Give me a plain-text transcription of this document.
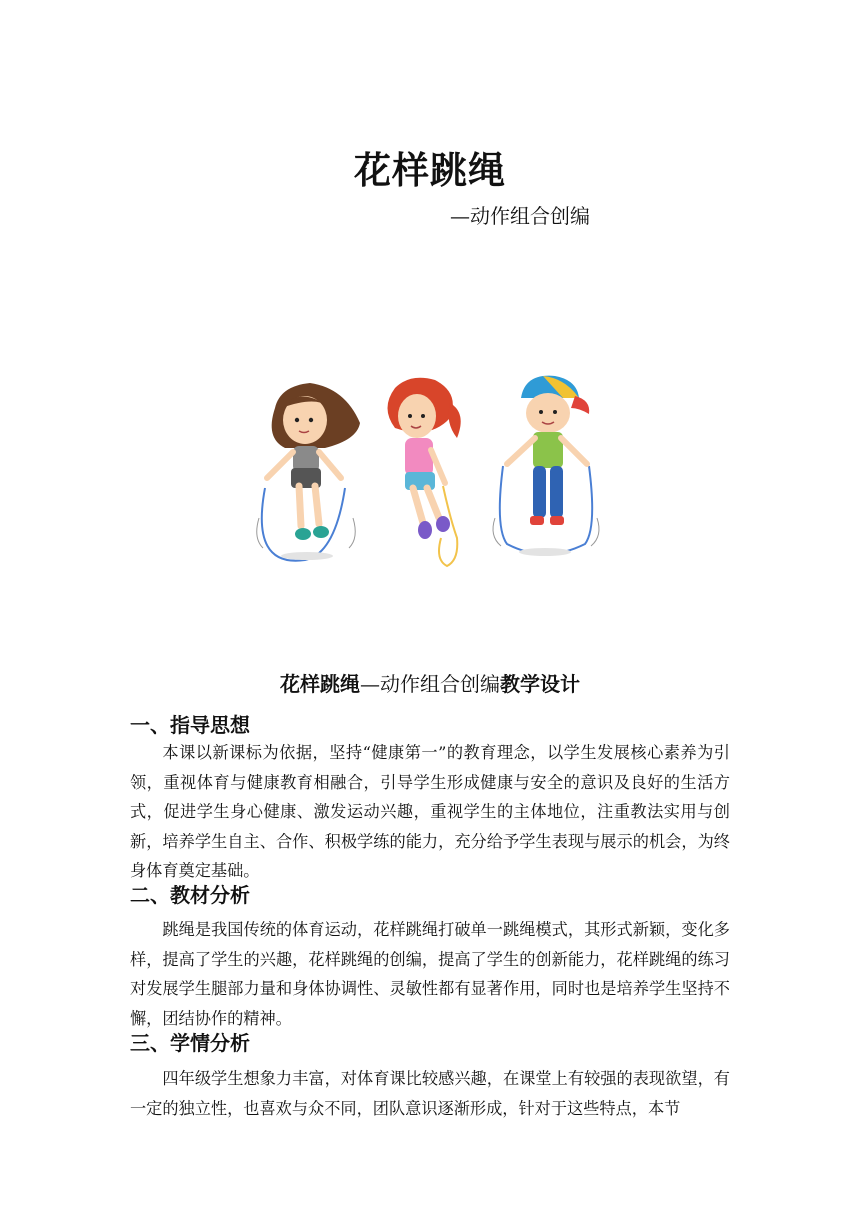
花样跳绳
—动作组合创编
花样跳绳—动作组合创编教学设计
一、指导思想
本课以新课标为依据，坚持“健康第一”的教育理念，以学生发展核心素养为引领，重视体育与健康教育相融合，引导学生形成健康与安全的意识及良好的生活方式，促进学生身心健康、激发运动兴趣，重视学生的主体地位，注重教法实用与创新，培养学生自主、合作、积极学练的能力，充分给予学生表现与展示的机会，为终身体育奠定基础。
二、教材分析
跳绳是我国传统的体育运动，花样跳绳打破单一跳绳模式，其形式新颖，变化多样，提高了学生的兴趣，花样跳绳的创编，提高了学生的创新能力，花样跳绳的练习对发展学生腿部力量和身体协调性、灵敏性都有显著作用，同时也是培养学生坚持不懈，团结协作的精神。
三、学情分析
四年级学生想象力丰富，对体育课比较感兴趣，在课堂上有较强的表现欲望，有一定的独立性，也喜欢与众不同，团队意识逐渐形成，针对于这些特点，本节
